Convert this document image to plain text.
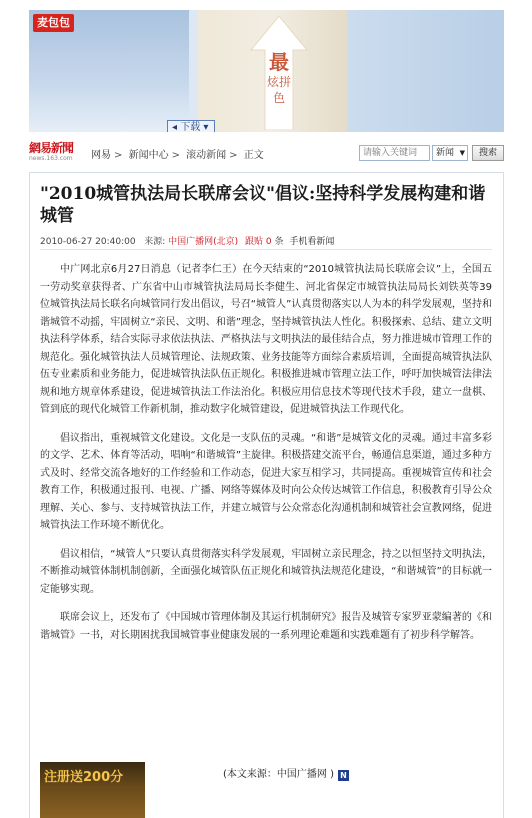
麦包包
最
炫拼色
◂ 下载 ▾
網易新聞
news.163.com	网易 > 新闻中心 > 滚动新闻 > 正文
请输入关键词	新闻 ▼	搜索
"2010城管执法局长联席会议"倡议:坚持科学发展构建和谐城管
2010-06-27 20:40:00 来源: 中国广播网(北京) 跟贴 0 条 手机看新闻

中广网北京6月27日消息（记者李仁王）在今天结束的“2010城管执法局长联席会议”上，全国五一劳动奖章获得者、广东省中山市城管执法局局长李健生、河北省保定市城管执法局局长刘铁英等39位城管执法局长联名向城管同行发出倡议，号召“城管人”认真贯彻落实以人为本的科学发展观，坚持和谐城管不动摇，牢固树立“亲民、文明、和谐”理念，坚持城管执法人性化。积极探索、总结、建立文明执法科学体系，结合实际寻求依法执法、严格执法与文明执法的最佳结合点，努力推进城市管理工作的规范化。强化城管执法人员城管理论、法规政策、业务技能等方面综合素质培训，全面提高城管执法队伍专业素质和业务能力，促进城管执法队伍正规化。积极推进城市管理立法工作，呼吁加快城管法律法规和地方规章体系建设，促进城管执法工作法治化。积极应用信息技术等现代技术手段，建立一盘棋、管到底的现代化城管工作新机制，推动数字化城管建设，促进城管执法工作现代化。

倡议指出，重视城管文化建设。文化是一支队伍的灵魂。“和谐”是城管文化的灵魂。通过丰富多彩的文学、艺术、体育等活动，唱响“和谐城管”主旋律。积极搭建交流平台，畅通信息渠道，通过多种方式及时、经常交流各地好的工作经验和工作动态，促进大家互相学习，共同提高。重视城管宣传和社会教育工作，积极通过报刊、电视、广播、网络等媒体及时向公众传达城管工作信息，积极教育引导公众理解、关心、参与、支持城管执法工作，并建立城管与公众常态化沟通机制和城管社会宣教网络，促进城管执法工作环境不断优化。

倡议相信，“城管人”只要认真贯彻落实科学发展观，牢固树立亲民理念，持之以恒坚持文明执法，不断推动城管体制机制创新，全面强化城管队伍正规化和城管执法规范化建设，“和谐城管”的目标就一定能够实现。

联席会议上，还发布了《中国城市管理体制及其运行机制研究》报告及城管专家罗亚蒙编著的《和谐城管》一书，对长期困扰我国城管事业健康发展的一系列理论难题和实践难题有了初步科学解答。

注册送200分	(本文来源：中国广播网 ) N
